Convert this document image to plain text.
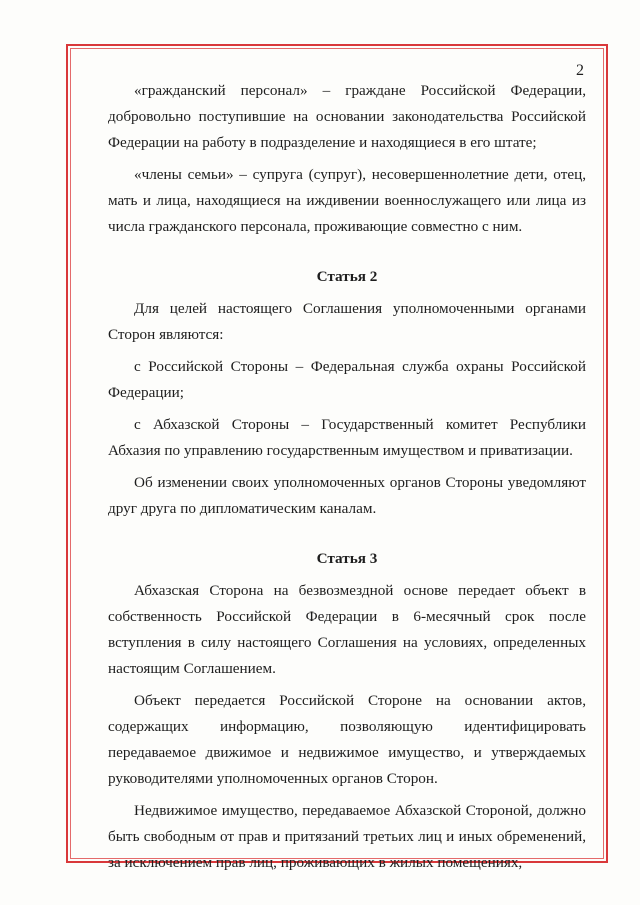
2

«гражданский персонал» – граждане Российской Федерации, добровольно поступившие на основании законодательства Российской Федерации на работу в подразделение и находящиеся в его штате;

«члены семьи» – супруга (супруг), несовершеннолетние дети, отец, мать и лица, находящиеся на иждивении военнослужащего или лица из числа гражданского персонала, проживающие совместно с ним.

Статья 2

Для целей настоящего Соглашения уполномоченными органами Сторон являются:

с Российской Стороны – Федеральная служба охраны Российской Федерации;

с Абхазской Стороны – Государственный комитет Республики Абхазия по управлению государственным имуществом и приватизации.

Об изменении своих уполномоченных органов Стороны уведомляют друг друга по дипломатическим каналам.

Статья 3

Абхазская Сторона на безвозмездной основе передает объект в собственность Российской Федерации в 6-месячный срок после вступления в силу настоящего Соглашения на условиях, определенных настоящим Соглашением.

Объект передается Российской Стороне на основании актов, содержащих информацию, позволяющую идентифицировать передаваемое движимое и недвижимое имущество, и утверждаемых руководителями уполномоченных органов Сторон.

Недвижимое имущество, передаваемое Абхазской Стороной, должно быть свободным от прав и притязаний третьих лиц и иных обременений, за исключением прав лиц, проживающих в жилых помещениях,
